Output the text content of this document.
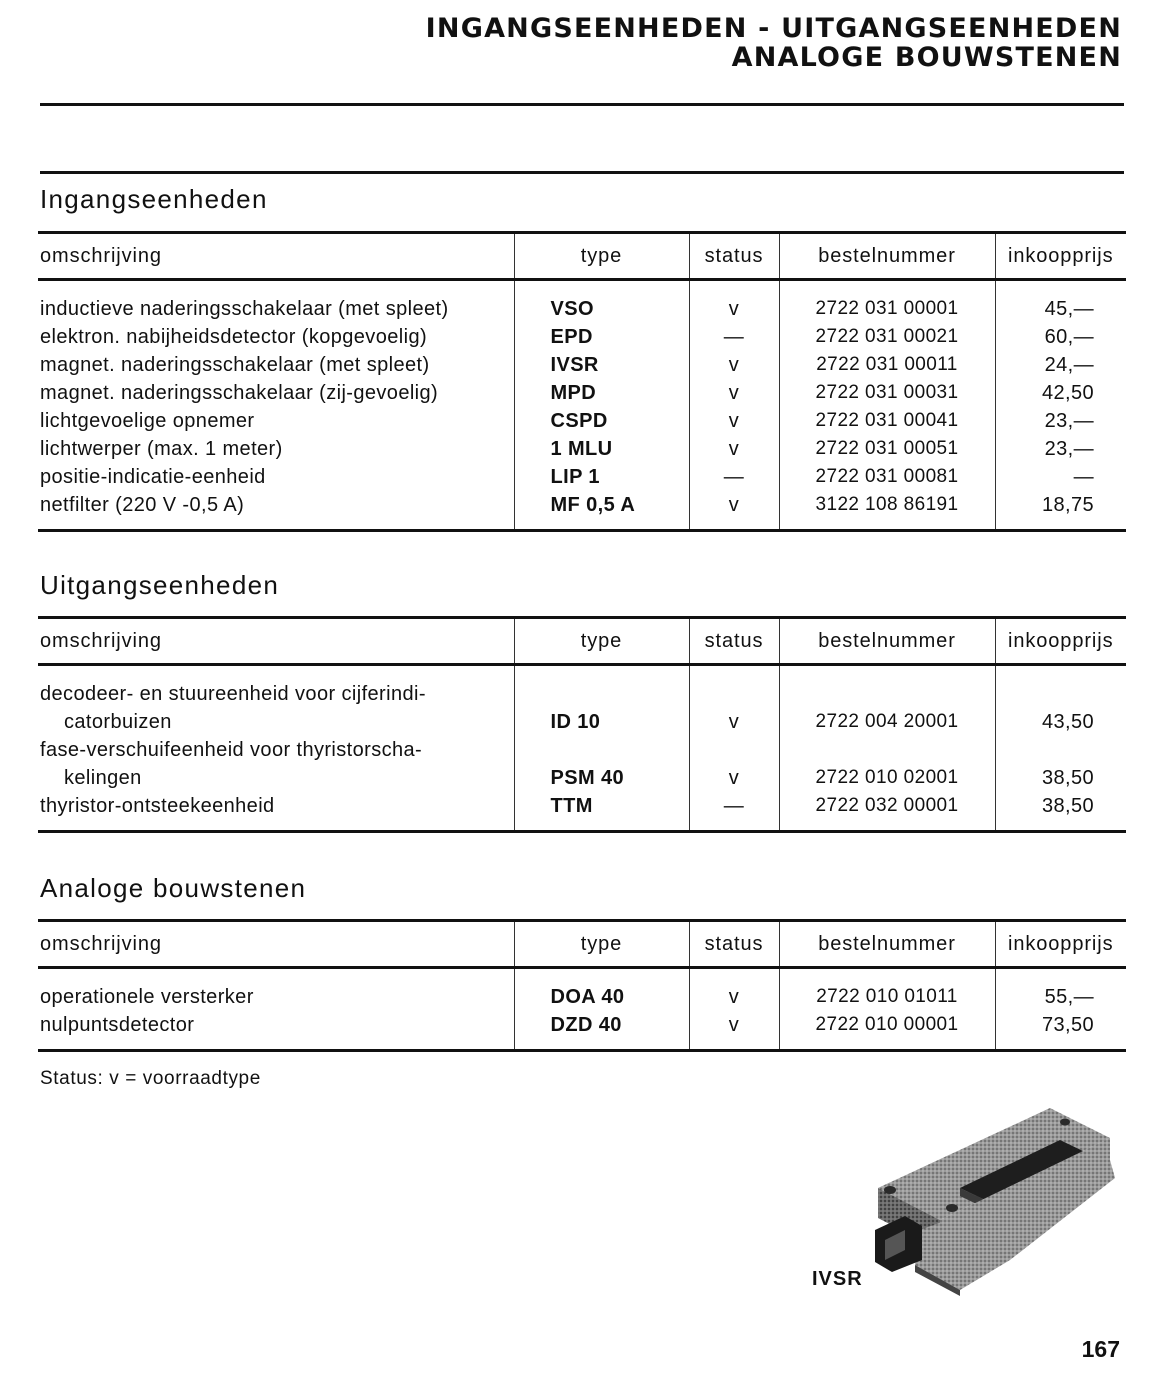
INGANGSEENHEDEN - UITGANGSEENHEDEN
ANALOGE BOUWSTENEN
Ingangseenheden
omschrijving	type	status	bestelnummer	inkoopprijs

inductieve naderingsschakelaar (met spleet)	VSO	v	2722 031 00001	45,—
elektron. nabijheidsdetector (kopgevoelig)	EPD	—	2722 031 00021	60,—
magnet. naderingsschakelaar (met spleet)	IVSR	v	2722 031 00011	24,—
magnet. naderingsschakelaar (zij-gevoelig)	MPD	v	2722 031 00031	42,50
lichtgevoelige opnemer	CSPD	v	2722 031 00041	23,—
lichtwerper (max. 1 meter)	1 MLU	v	2722 031 00051	23,—
positie-indicatie-eenheid	LIP 1	—	2722 031 00081	—
netfilter (220 V -0,5 A)	MF 0,5 A	v	3122 108 86191	18,75

Uitgangseenheden
omschrijving	type	status	bestelnummer	inkoopprijs

decodeer- en stuureenheid voor cijferindi-				
catorbuizen	ID 10	v	2722 004 20001	43,50
fase-verschuifeenheid voor thyristorscha-				
kelingen	PSM 40	v	2722 010 02001	38,50
thyristor-ontsteekeenheid	TTM	—	2722 032 00001	38,50

Analoge bouwstenen
omschrijving	type	status	bestelnummer	inkoopprijs

operationele versterker	DOA 40	v	2722 010 01011	55,—
nulpuntsdetector	DZD 40	v	2722 010 00001	73,50

Status: v = voorraadtype
IVSR
167
